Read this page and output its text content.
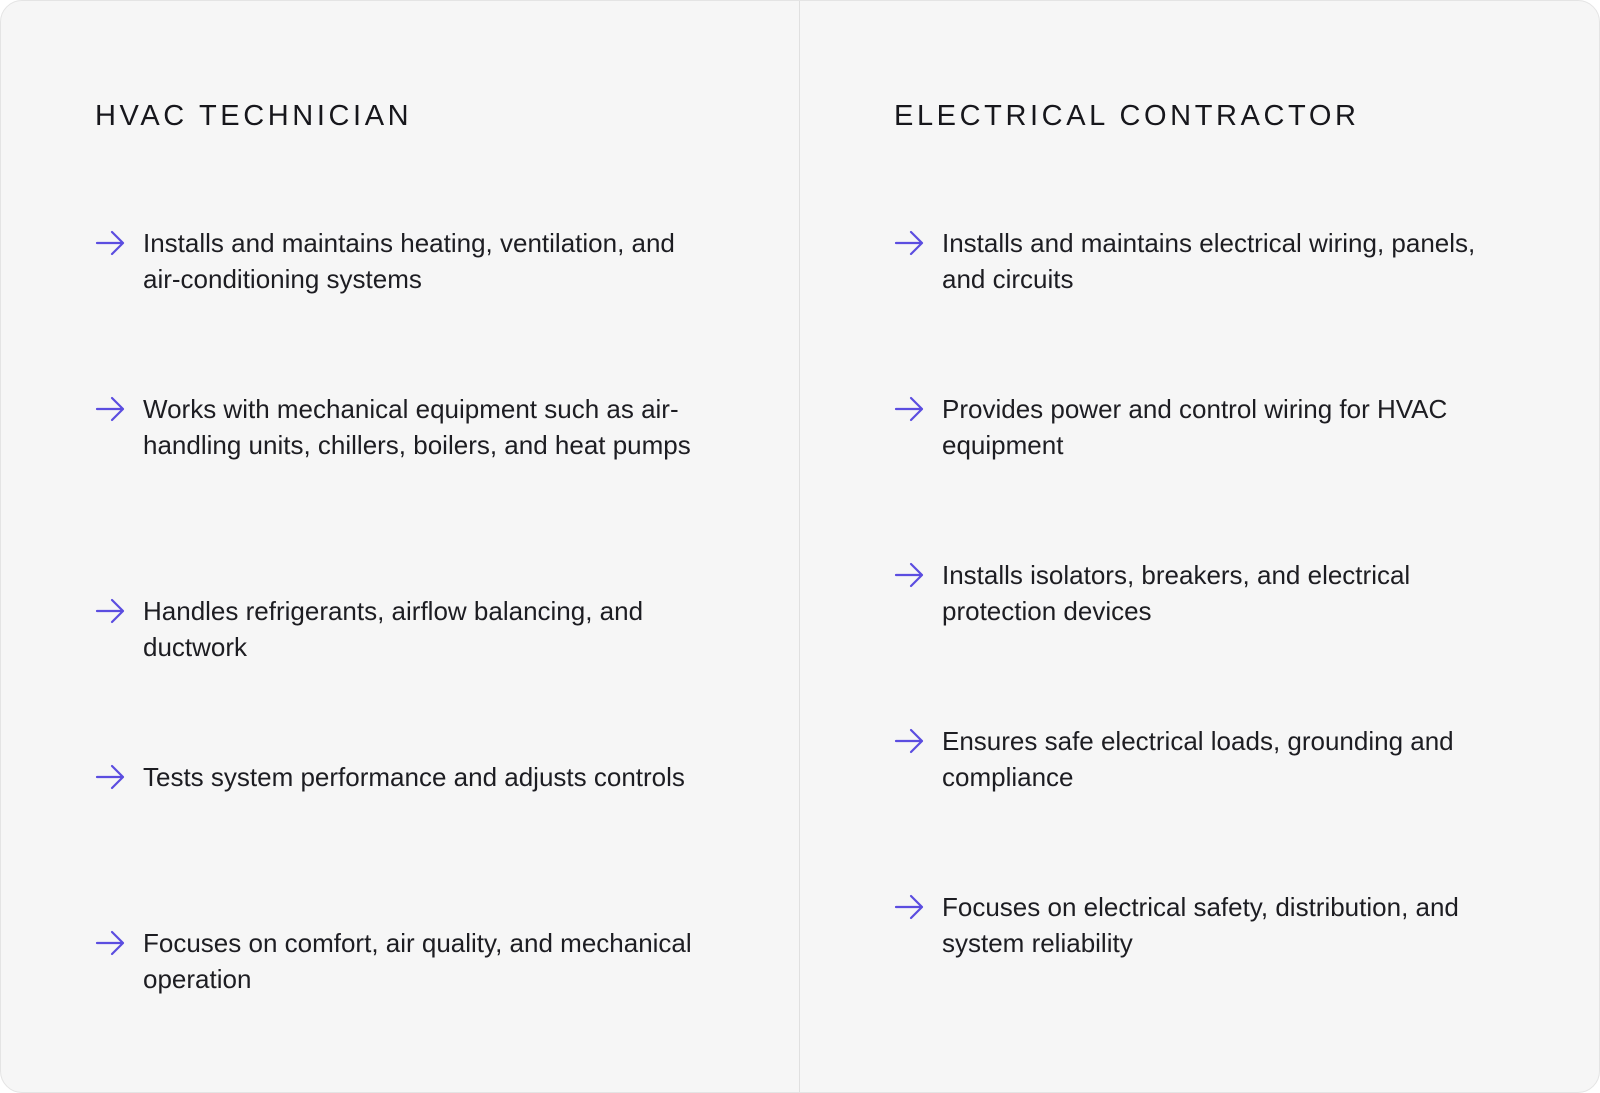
HVAC TECHNICIAN
Installs and maintains heating, ventilation, and air-conditioning systems
Works with mechanical equipment such as air-handling units, chillers, boilers, and heat pumps
Handles refrigerants, airflow balancing, and ductwork
Tests system performance and adjusts controls
Focuses on comfort, air quality, and mechanical operation
ELECTRICAL CONTRACTOR
Installs and maintains electrical wiring, panels, and circuits
Provides power and control wiring for HVAC equipment
Installs isolators, breakers, and electrical protection devices
Ensures safe electrical loads, grounding and compliance
Focuses on electrical safety, distribution, and system reliability
